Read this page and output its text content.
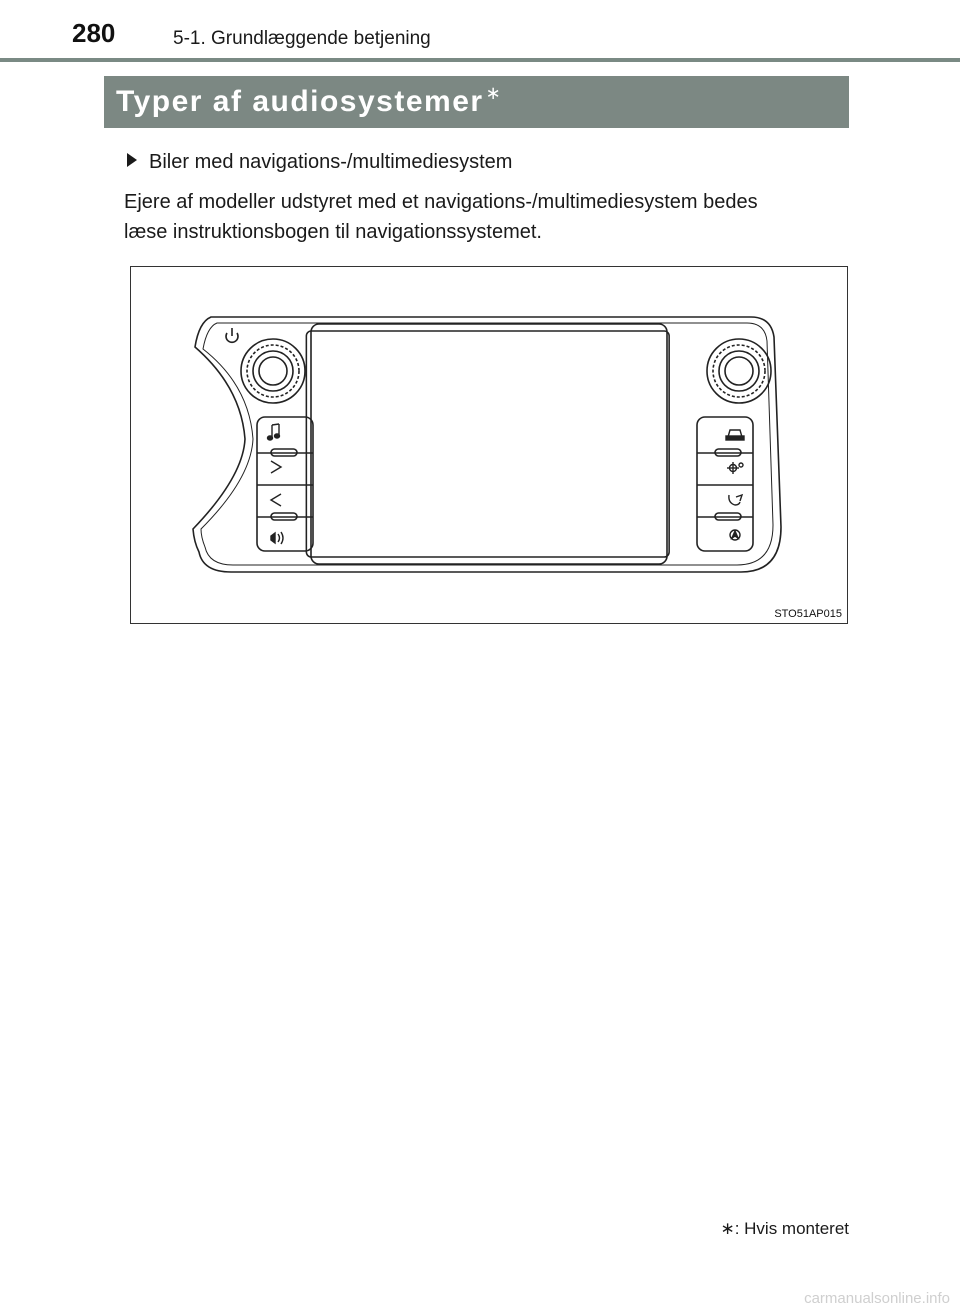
280	5-1. Grundlæggende betjening
Typer af audiosystemer ∗
Biler med navigations-/multimediesystem
Ejere af modeller udstyret med et navigations-/multimediesystem bedes
læse instruktionsbogen til navigationssystemet.
STO51AP015
∗: Hvis monteret
carmanualsonline.info
